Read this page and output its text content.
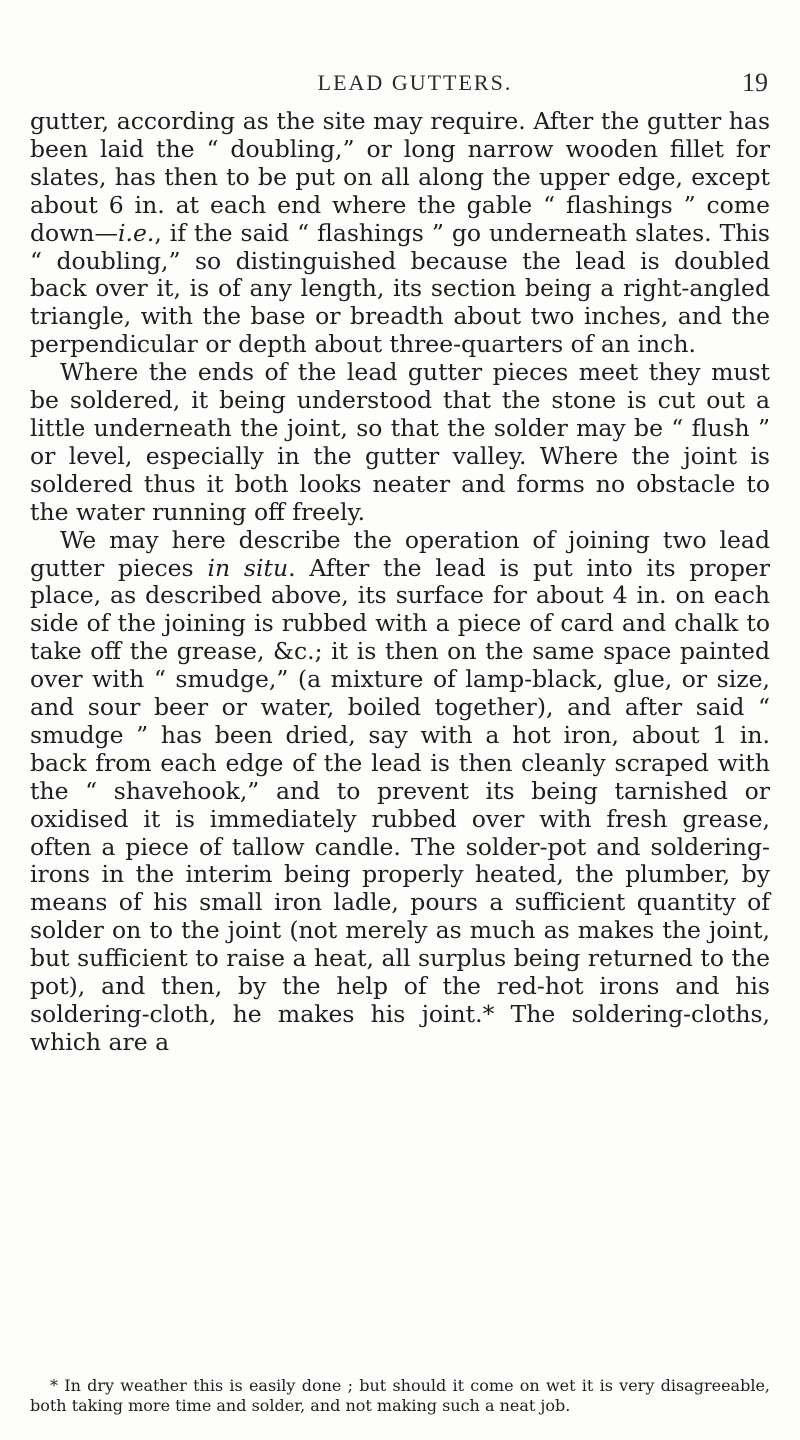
LEAD GUTTERS.	19

gutter, according as the site may require. After the gutter has been laid the “ doubling,” or long narrow wooden fillet for slates, has then to be put on all along the upper edge, except about 6 in. at each end where the gable “ flashings ” come down—i.e., if the said “ flashings ” go underneath slates. This “ doubling,” so distinguished because the lead is doubled back over it, is of any length, its section being a right-angled triangle, with the base or breadth about two inches, and the perpendicular or depth about three-quarters of an inch.

Where the ends of the lead gutter pieces meet they must be soldered, it being understood that the stone is cut out a little underneath the joint, so that the solder may be “ flush ” or level, especially in the gutter valley. Where the joint is soldered thus it both looks neater and forms no obstacle to the water running off freely.

We may here describe the operation of joining two lead gutter pieces in situ. After the lead is put into its proper place, as described above, its surface for about 4 in. on each side of the joining is rubbed with a piece of card and chalk to take off the grease, &c.; it is then on the same space painted over with “ smudge,” (a mixture of lamp-black, glue, or size, and sour beer or water, boiled together), and after said “ smudge ” has been dried, say with a hot iron, about 1 in. back from each edge of the lead is then cleanly scraped with the “ shavehook,” and to prevent its being tarnished or oxidised it is immediately rubbed over with fresh grease, often a piece of tallow candle. The solder-pot and soldering-irons in the interim being properly heated, the plumber, by means of his small iron ladle, pours a sufficient quantity of solder on to the joint (not merely as much as makes the joint, but sufficient to raise a heat, all surplus being returned to the pot), and then, by the help of the red-hot irons and his soldering-cloth, he makes his joint.* The soldering-cloths, which are a

* In dry weather this is easily done ; but should it come on wet it is very disagreeable, both taking more time and solder, and not making such a neat job.
